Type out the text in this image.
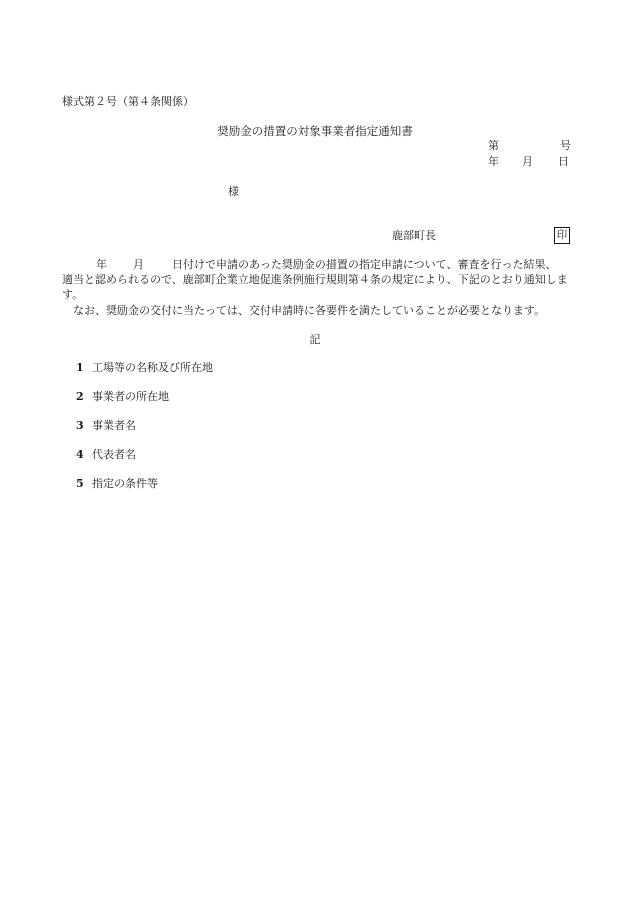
様式第２号（第４条関係）
奨励金の措置の対象事業者指定通知書
第	号
年 月 日
様
鹿部町長	印
年 月	日付けで申請のあった奨励金の措置の指定申請について、審査を行った結果、
適当と認められるので、鹿部町企業立地促進条例施行規則第４条の規定により、下記のとおり通知します。
なお、奨励金の交付に当たっては、交付申請時に各要件を満たしていることが必要となります。
記
1 工場等の名称及び所在地
2 事業者の所在地
3 事業者名
4 代表者名
5 指定の条件等
